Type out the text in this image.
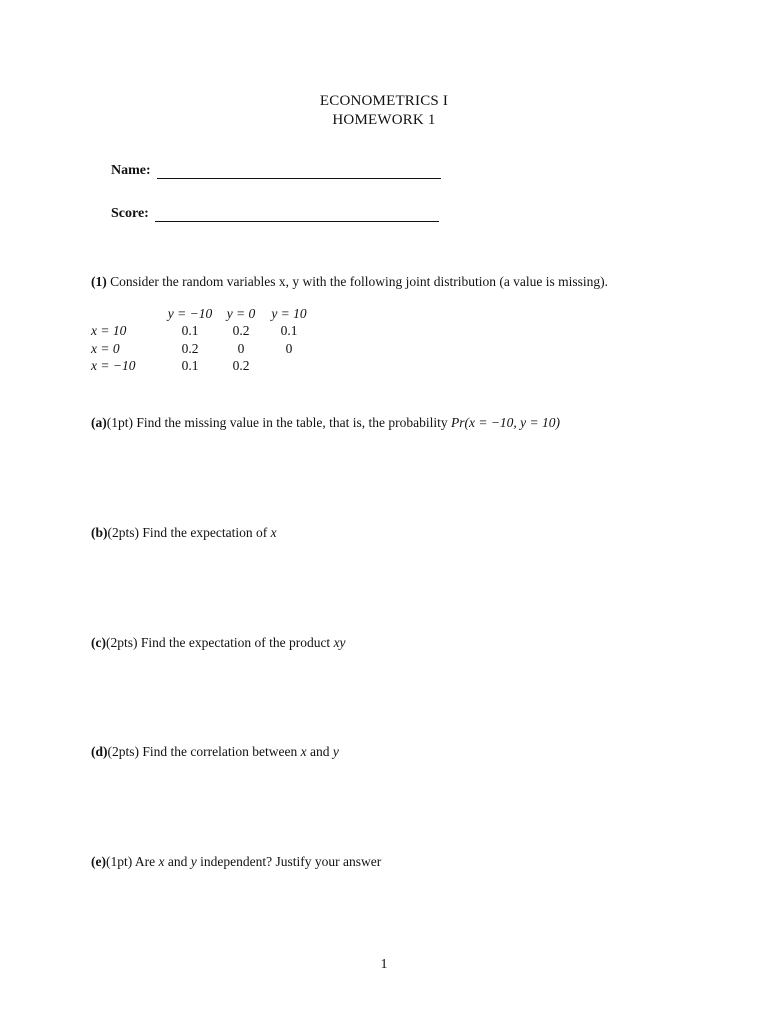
ECONOMETRICS I
HOMEWORK 1
Name:
Score:
(1) Consider the random variables x, y with the following joint distribution (a value is missing).
	y = −10	y = 0	y = 10
x = 10	0.1	0.2	0.1
x = 0	0.2	0	0
x = −10	0.1	0.2	
(a)(1pt) Find the missing value in the table, that is, the probability Pr(x = −10, y = 10)
(b)(2pts) Find the expectation of x
(c)(2pts) Find the expectation of the product xy
(d)(2pts) Find the correlation between x and y
(e)(1pt) Are x and y independent? Justify your answer
1
